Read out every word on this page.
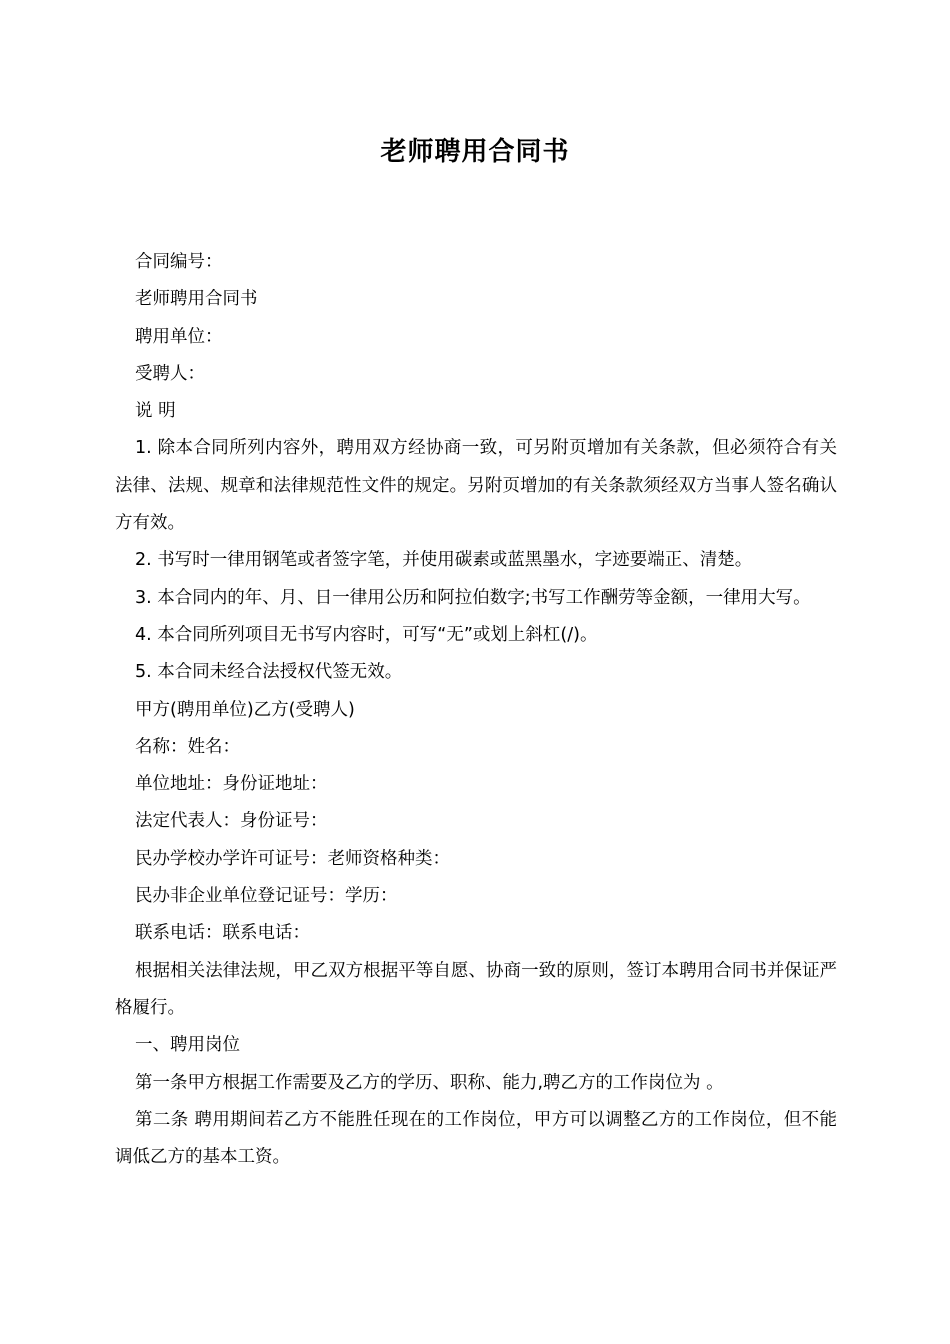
老师聘用合同书

合同编号：

老师聘用合同书

聘用单位：

受聘人：

说 明

1. 除本合同所列内容外，聘用双方经协商一致，可另附页增加有关条款，但必须符合有关法律、法规、规章和法律规范性文件的规定。另附页增加的有关条款须经双方当事人签名确认方有效。

2. 书写时一律用钢笔或者签字笔，并使用碳素或蓝黑墨水，字迹要端正、清楚。

3. 本合同内的年、月、日一律用公历和阿拉伯数字;书写工作酬劳等金额，一律用大写。

4. 本合同所列项目无书写内容时，可写“无”或划上斜杠(/)。

5. 本合同未经合法授权代签无效。

甲方(聘用单位)乙方(受聘人)

名称：姓名：

单位地址：身份证地址：

法定代表人：身份证号：

民办学校办学许可证号：老师资格种类：

民办非企业单位登记证号：学历：

联系电话：联系电话：

根据相关法律法规，甲乙双方根据平等自愿、协商一致的原则，签订本聘用合同书并保证严格履行。

一、聘用岗位

第一条甲方根据工作需要及乙方的学历、职称、能力,聘乙方的工作岗位为 。

第二条 聘用期间若乙方不能胜任现在的工作岗位，甲方可以调整乙方的工作岗位，但不能调低乙方的基本工资。
